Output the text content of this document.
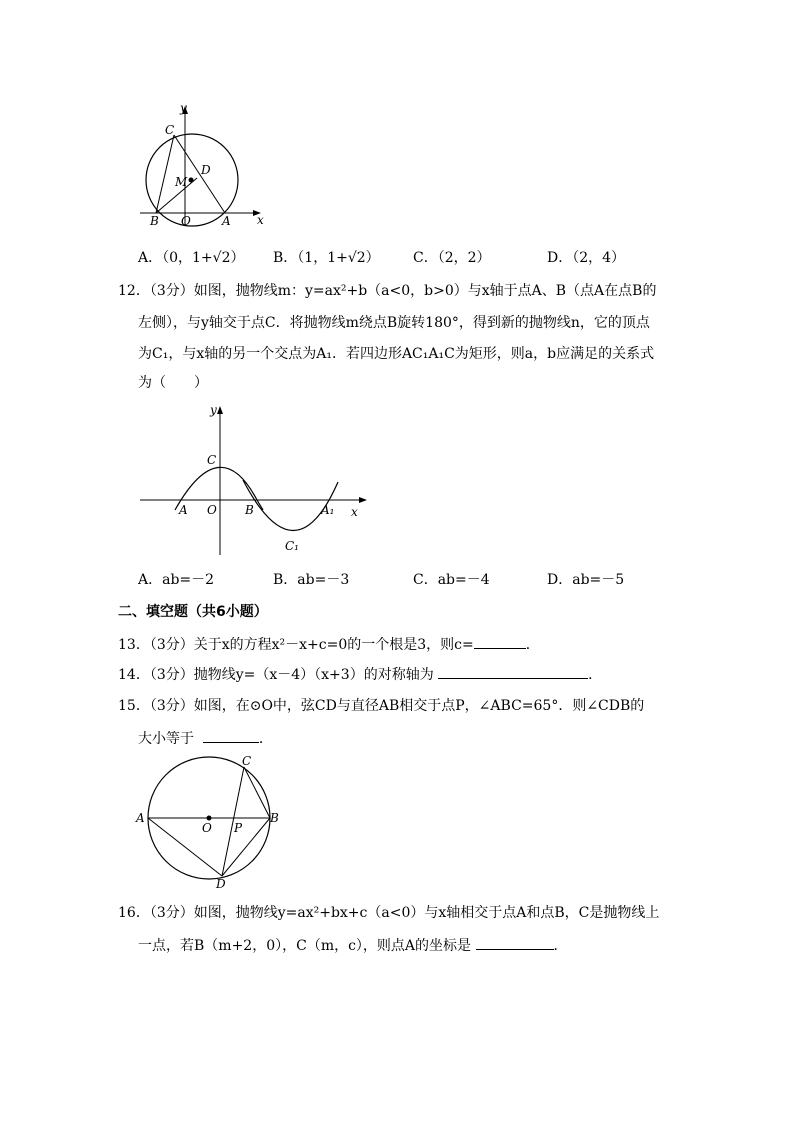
y
C
D
M
B O	A x
A．（0，1+√2） B．（1，1+√2） C．（2，2）	D．（2，4）
12．（3分）如图，抛物线m：y=ax²+b（a<0，b>0）与x轴于点A、B（点A在点B的
左侧），与y轴交于点C．将抛物线m绕点B旋转180°，得到新的抛物线n，它的顶点
为C₁，与x轴的另一个交点为A₁．若四边形AC₁A₁C为矩形，则a，b应满足的关系式
为（　　）
y
C
A O B	A₁ x
C₁
A．ab=－2	B．ab=－3	C．ab=－4	D．ab=－5
二、填空题（共6小题）
13．（3分）关于x的方程x²－x+c=0的一个根是3，则c=	．
14．（3分）抛物线y=（x－4）（x+3）的对称轴为	．
15．（3分）如图，在⊙O中，弦CD与直径AB相交于点P，∠ABC=65°．则∠CDB的
大小等于	．
A	B
C
D
O P
16．（3分）如图，抛物线y=ax²+bx+c（a<0）与x轴相交于点A和点B，C是抛物线上
一点，若B（m+2，0），C（m，c），则点A的坐标是	．
